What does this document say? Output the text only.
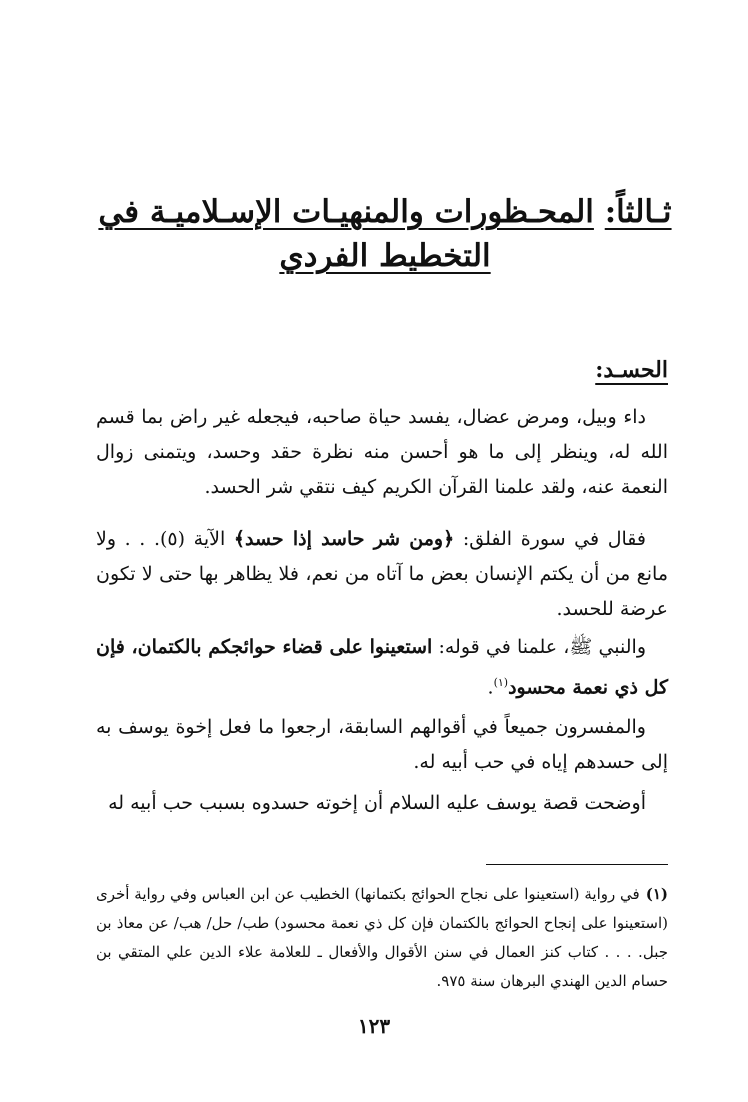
ثـالثاً: المحـظورات والمنهيـات الإسـلاميـة في
التخطيط الفردي
الحسـد:

داء وبيل، ومرض عضال، يفسد حياة صاحبه، فيجعله غير راض بما قسم الله له، وينظر إلى ما هو أحسن منه نظرة حقد وحسد، ويتمنى زوال النعمة عنه، ولقد علمنا القرآن الكريم كيف نتقي شر الحسد.

فقال في سورة الفلق: ﴿ومن شر حاسد إذا حسد﴾ الآية (٥). . . ولا مانع من أن يكتم الإنسان بعض ما آتاه من نعم، فلا يظاهر بها حتى لا تكون عرضة للحسد.

والنبي ﷺ، علمنا في قوله: استعينوا على قضاء حوائجكم بالكتمان، فإن كل ذي نعمة محسود$^{(١)}$.

والمفسرون جميعاً في أقوالهم السابقة، ارجعوا ما فعل إخوة يوسف به إلى حسدهم إياه في حب أبيه له.

أوضحت قصة يوسف عليه السلام أن إخوته حسدوه بسبب حب أبيه له

(١)في رواية (استعينوا على نجاح الحوائج بكتمانها) الخطيب عن ابن العباس وفي رواية أخرى (استعينوا على إنجاح الحوائج بالكتمان فإن كل ذي نعمة محسود) طب/ حل/ هب/ عن معاذ بن جبل. . . . كتاب كنز العمال في سنن الأقوال والأفعال ـ للعلامة علاء الدين علي المتقي بن حسام الدين الهندي البرهان سنة ٩٧٥.

١٢٣
